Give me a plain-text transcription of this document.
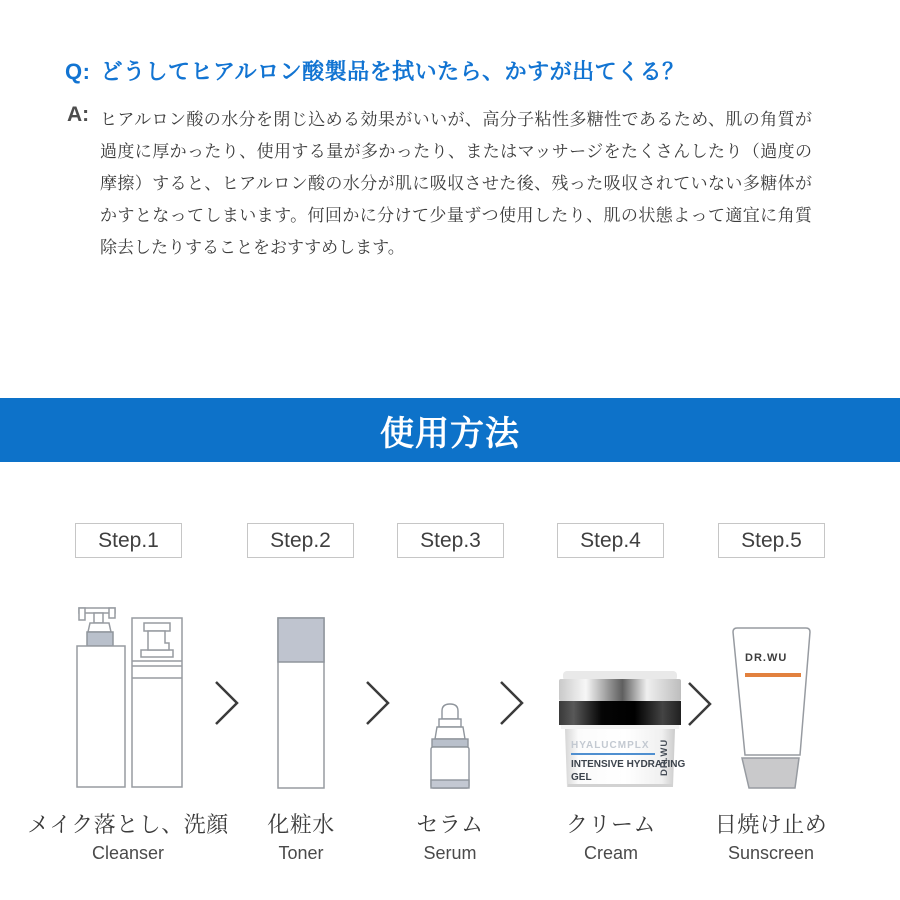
Q: どうしてヒアルロン酸製品を拭いたら、かすが出てくる？
A: ヒアルロン酸の水分を閉じ込める効果がいいが、高分子粘性多糖性であるため、肌の角質が過度に厚かったり、使用する量が多かったり、またはマッサージをたくさんしたり（過度の摩擦）すると、ヒアルロン酸の水分が肌に吸収させた後、残った吸収されていない多糖体がかすとなってしまいます。何回かに分けて少量ずつ使用したり、肌の状態よって適宜に角質除去したりすることをおすすめします。
使用方法
Step.1	Step.2	Step.3	Step.4	Step.5
HYALUCMPLX
INTENSIVE HYDRATING
GEL
DR.WU
DR.WU
メイク落とし、洗顔
Cleanser
化粧水
Toner
セラム
Serum
クリーム
Cream
日焼け止め
Sunscreen
